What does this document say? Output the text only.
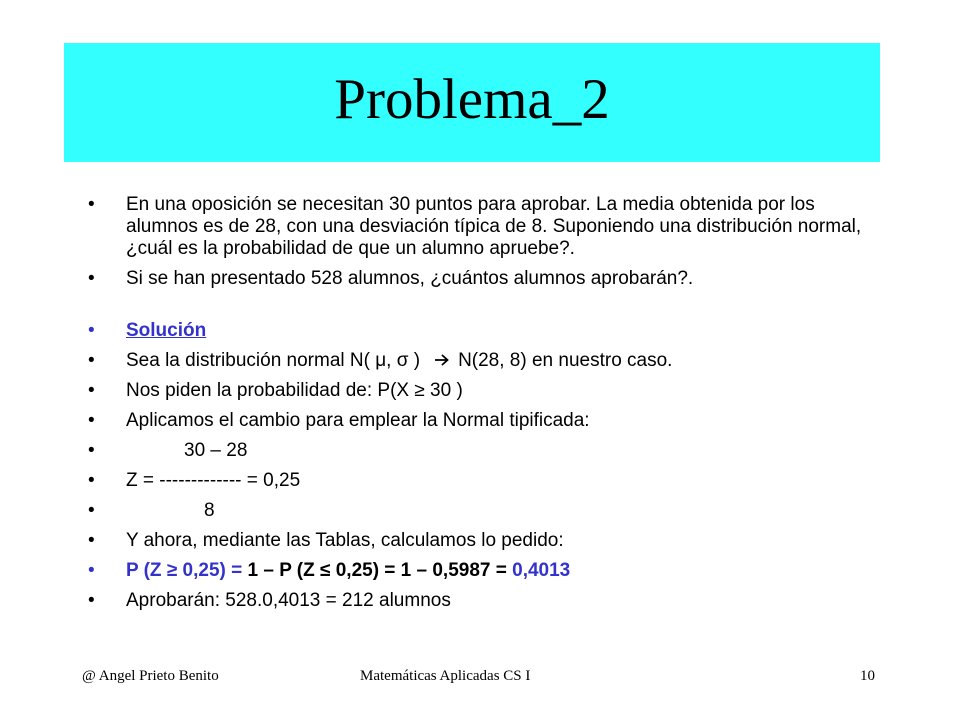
Problema_2
• En una oposición se necesitan 30 puntos para aprobar. La media obtenida por los alumnos es de 28, con una desviación típica de 8. Suponiendo una distribución normal, ¿cuál es la probabilidad de que un alumno apruebe?.
• Si se han presentado 528 alumnos, ¿cuántos alumnos aprobarán?.
• Solución
• Sea la distribución normal N( μ, σ ) N(28, 8) en nuestro caso.
• Nos piden la probabilidad de: P(X ≥ 30 )
• Aplicamos el cambio para emplear la Normal tipificada:
•	30 – 28
• Z = ------------- = 0,25
•	8
• Y ahora, mediante las Tablas, calculamos lo pedido:
• P (Z ≥ 0,25) = 1 – P (Z ≤ 0,25) = 1 – 0,5987 = 0,4013
• Aprobarán: 528.0,4013 = 212 alumnos
@ Angel Prieto Benito	Matemáticas Aplicadas CS I	10
